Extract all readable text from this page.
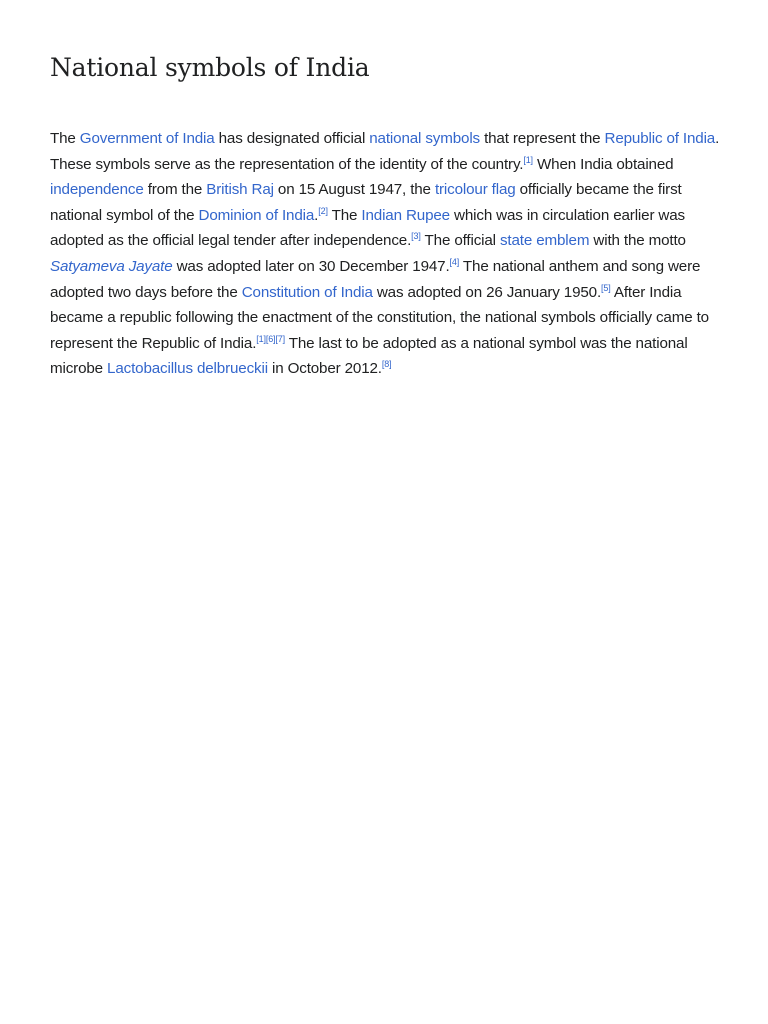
National symbols of India

The Government of India has designated official national symbols that represent the Republic of India. These symbols serve as the representation of the identity of the country.[1] When India obtained independence from the British Raj on 15 August 1947, the tricolour flag officially became the first national symbol of the Dominion of India.[2] The Indian Rupee which was in circulation earlier was adopted as the official legal tender after independence.[3] The official state emblem with the motto Satyameva Jayate was adopted later on 30 December 1947.[4] The national anthem and song were adopted two days before the Constitution of India was adopted on 26 January 1950.[5] After India became a republic following the enactment of the constitution, the national symbols officially came to represent the Republic of India.[1][6][7] The last to be adopted as a national symbol was the national microbe Lactobacillus delbrueckii in October 2012.[8]
